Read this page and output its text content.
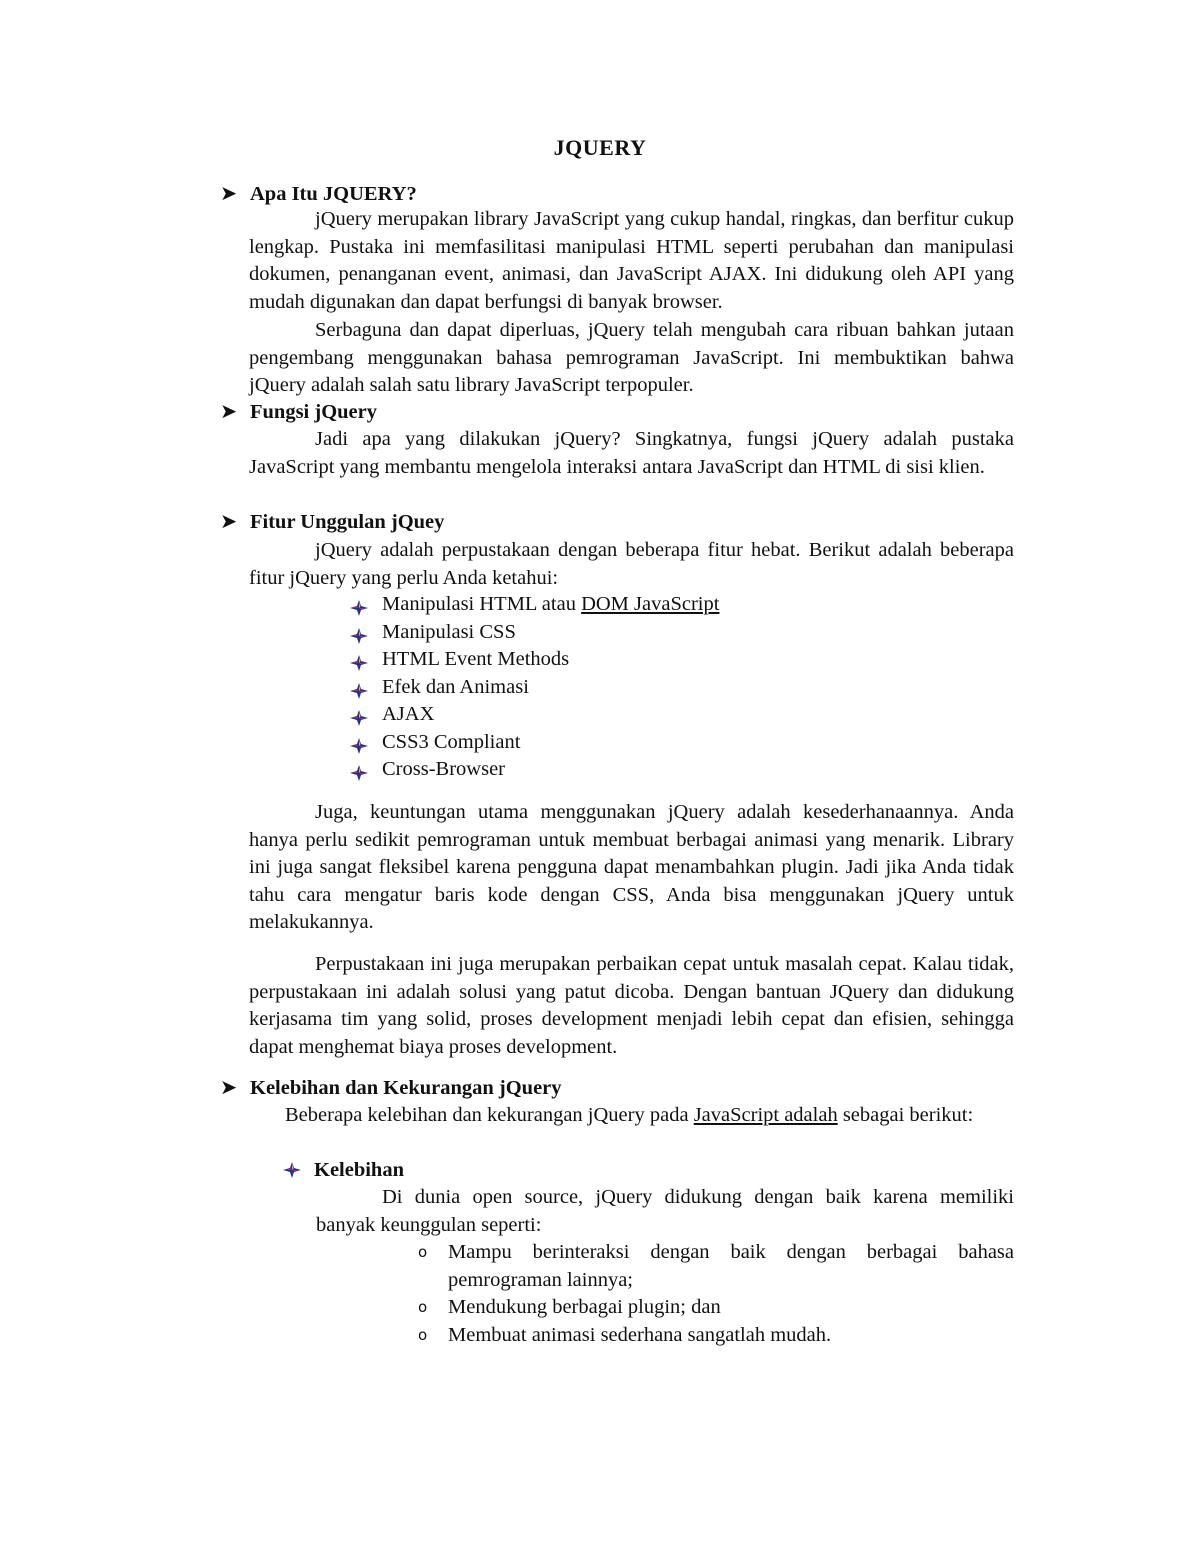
JQUERY
➤ Apa Itu JQUERY?

jQuery merupakan library JavaScript yang cukup handal, ringkas, dan berfitur cukup lengkap. Pustaka ini memfasilitasi manipulasi HTML seperti perubahan dan manipulasi dokumen, penanganan event, animasi, dan JavaScript AJAX. Ini didukung oleh API yang mudah digunakan dan dapat berfungsi di banyak browser.

Serbaguna dan dapat diperluas, jQuery telah mengubah cara ribuan bahkan jutaan pengembang menggunakan bahasa pemrograman JavaScript. Ini membuktikan bahwa jQuery adalah salah satu library JavaScript terpopuler.

➤ Fungsi jQuery

Jadi apa yang dilakukan jQuery? Singkatnya, fungsi jQuery adalah pustaka JavaScript yang membantu mengelola interaksi antara JavaScript dan HTML di sisi klien.

➤ Fitur Unggulan jQuey

jQuery adalah perpustakaan dengan beberapa fitur hebat. Berikut adalah beberapa fitur jQuery yang perlu Anda ketahui:

Manipulasi HTML atau DOM JavaScript
Manipulasi CSS
HTML Event Methods
Efek dan Animasi
AJAX
CSS3 Compliant
Cross-Browser

Juga, keuntungan utama menggunakan jQuery adalah kesederhanaannya. Anda hanya perlu sedikit pemrograman untuk membuat berbagai animasi yang menarik. Library ini juga sangat fleksibel karena pengguna dapat menambahkan plugin. Jadi jika Anda tidak tahu cara mengatur baris kode dengan CSS, Anda bisa menggunakan jQuery untuk melakukannya.

Perpustakaan ini juga merupakan perbaikan cepat untuk masalah cepat. Kalau tidak, perpustakaan ini adalah solusi yang patut dicoba. Dengan bantuan JQuery dan didukung kerjasama tim yang solid, proses development menjadi lebih cepat dan efisien, sehingga dapat menghemat biaya proses development.

➤ Kelebihan dan Kekurangan jQuery

Beberapa kelebihan dan kekurangan jQuery pada JavaScript adalah sebagai berikut:

Kelebihan

Di dunia open source, jQuery didukung dengan baik karena memiliki banyak keunggulan seperti:

o Mampu berinteraksi dengan baik dengan berbagai bahasa pemrograman lainnya;
o Mendukung berbagai plugin; dan
o Membuat animasi sederhana sangatlah mudah.
